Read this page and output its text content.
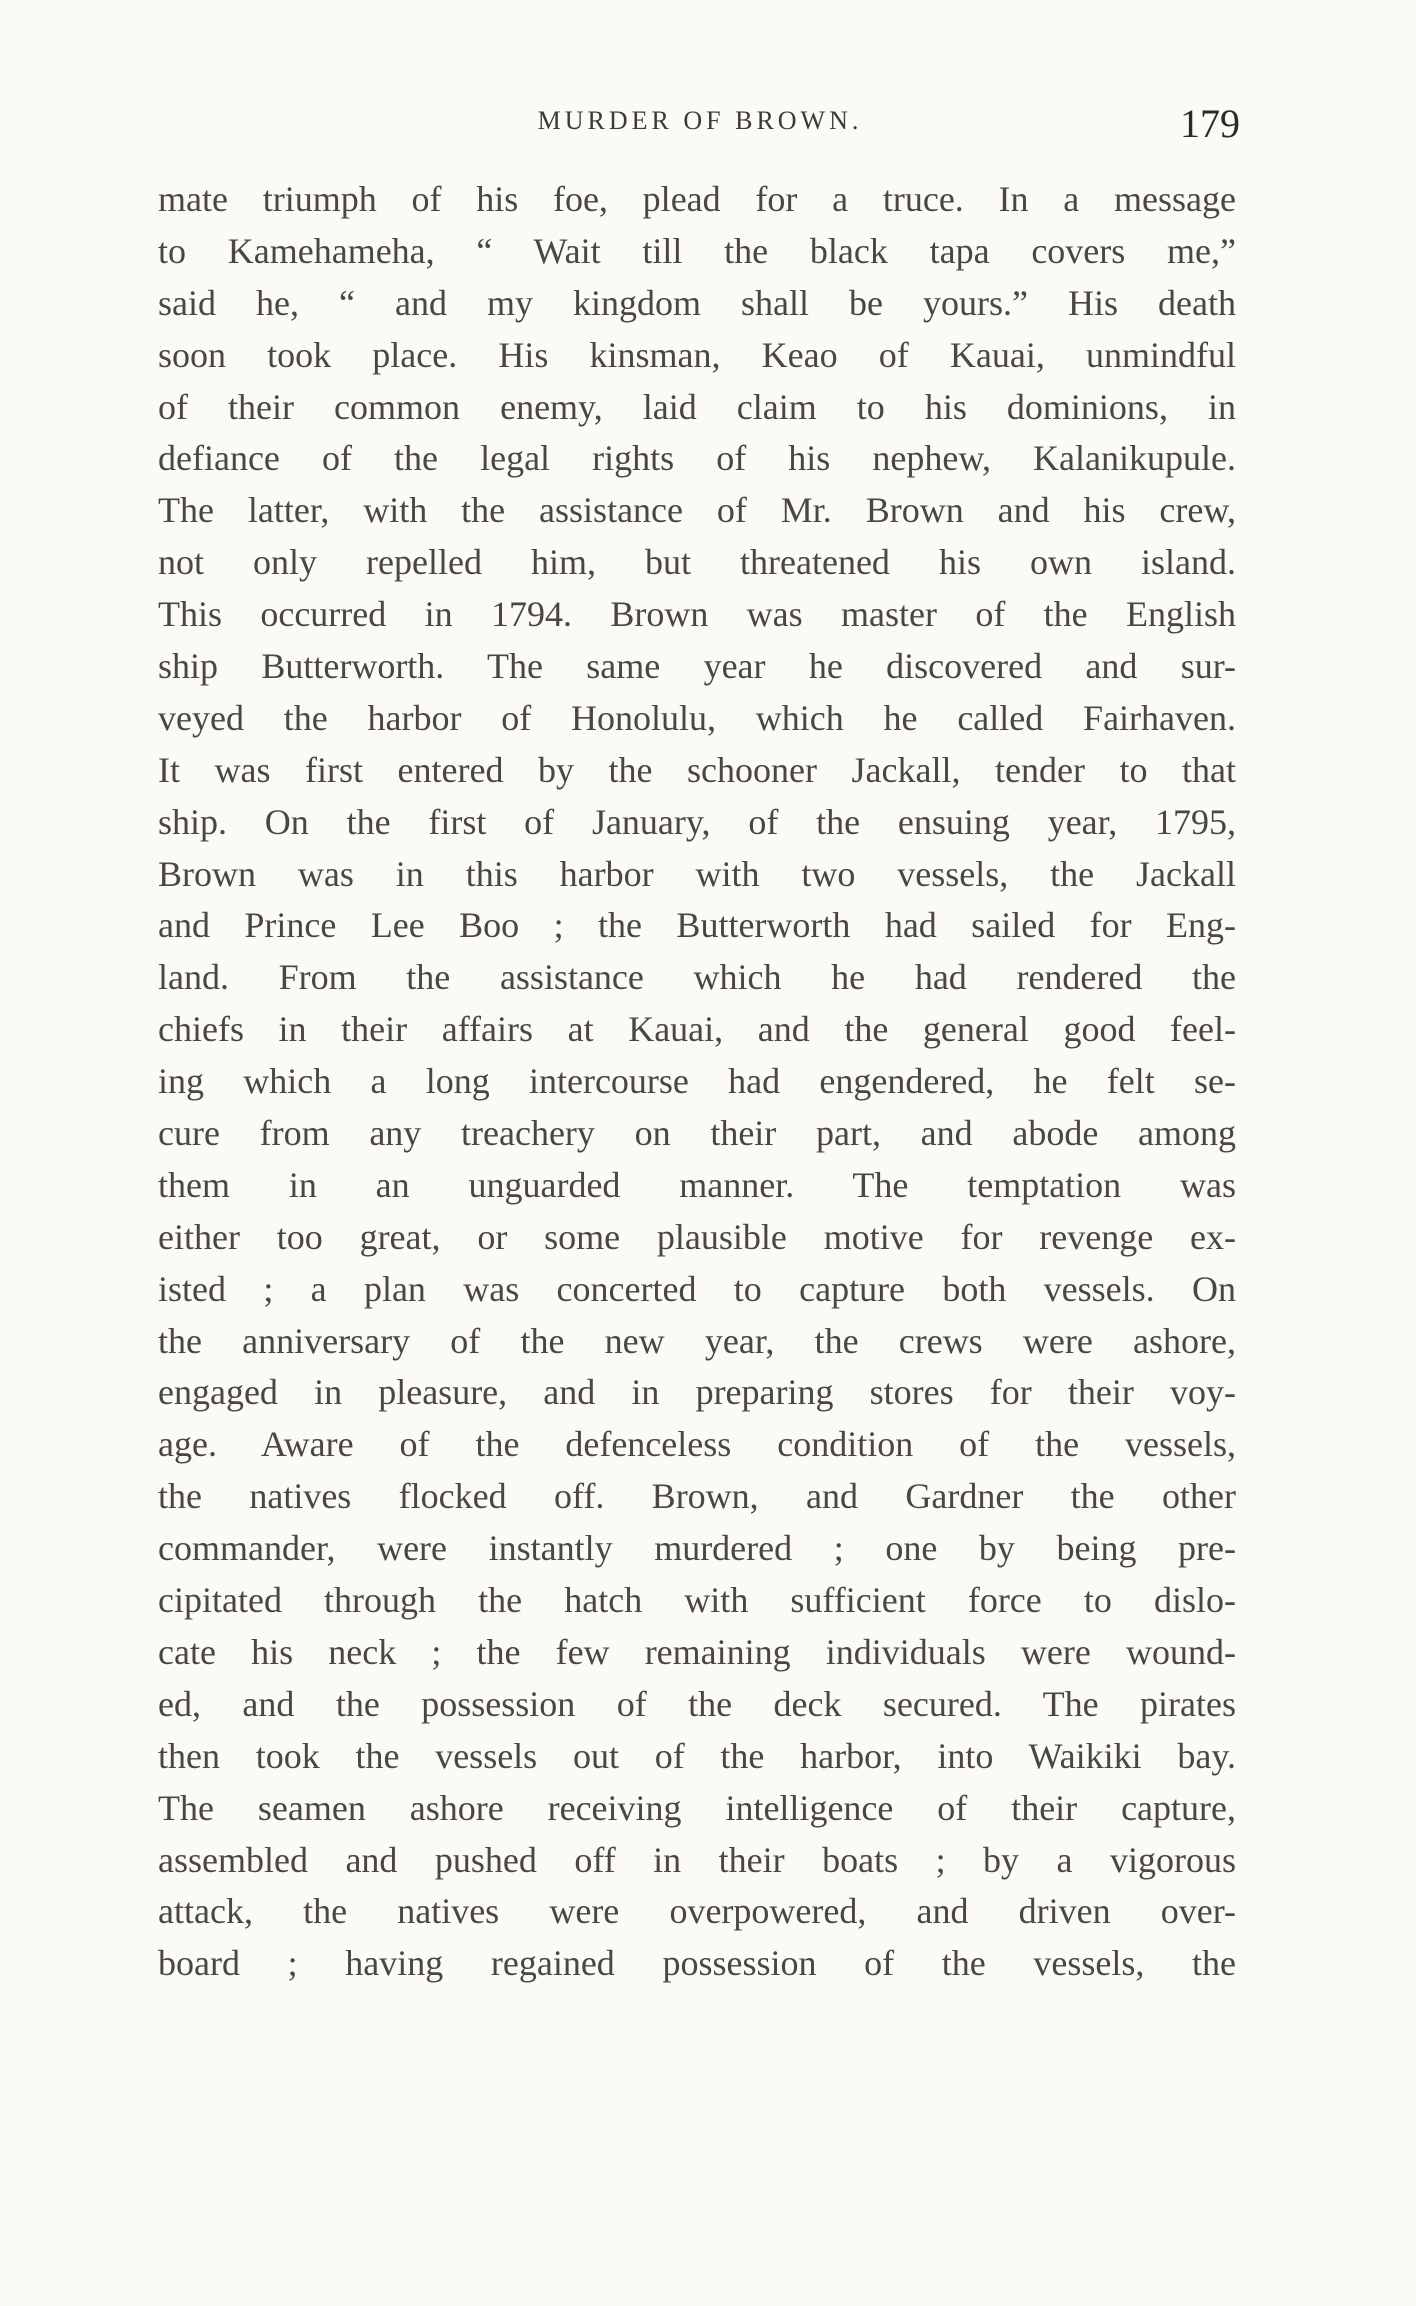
MURDER OF BROWN.	179
mate triumph of his foe, plead for a truce. In a message
to Kamehameha, “ Wait till the black tapa covers me,”
said he, “ and my kingdom shall be yours.” His death
soon took place. His kinsman, Keao of Kauai, unmindful
of their common enemy, laid claim to his dominions, in
defiance of the legal rights of his nephew, Kalanikupule.
The latter, with the assistance of Mr. Brown and his crew,
not only repelled him, but threatened his own island.
This occurred in 1794. Brown was master of the English
ship Butterworth. The same year he discovered and sur-
veyed the harbor of Honolulu, which he called Fairhaven.
It was first entered by the schooner Jackall, tender to that
ship. On the first of January, of the ensuing year, 1795,
Brown was in this harbor with two vessels, the Jackall
and Prince Lee Boo ; the Butterworth had sailed for Eng-
land. From the assistance which he had rendered the
chiefs in their affairs at Kauai, and the general good feel-
ing which a long intercourse had engendered, he felt se-
cure from any treachery on their part, and abode among
them in an unguarded manner. The temptation was
either too great, or some plausible motive for revenge ex-
isted ; a plan was concerted to capture both vessels. On
the anniversary of the new year, the crews were ashore,
engaged in pleasure, and in preparing stores for their voy-
age. Aware of the defenceless condition of the vessels,
the natives flocked off. Brown, and Gardner the other
commander, were instantly murdered ; one by being pre-
cipitated through the hatch with sufficient force to dislo-
cate his neck ; the few remaining individuals were wound-
ed, and the possession of the deck secured. The pirates
then took the vessels out of the harbor, into Waikiki bay.
The seamen ashore receiving intelligence of their capture,
assembled and pushed off in their boats ; by a vigorous
attack, the natives were overpowered, and driven over-
board ; having regained possession of the vessels, the
